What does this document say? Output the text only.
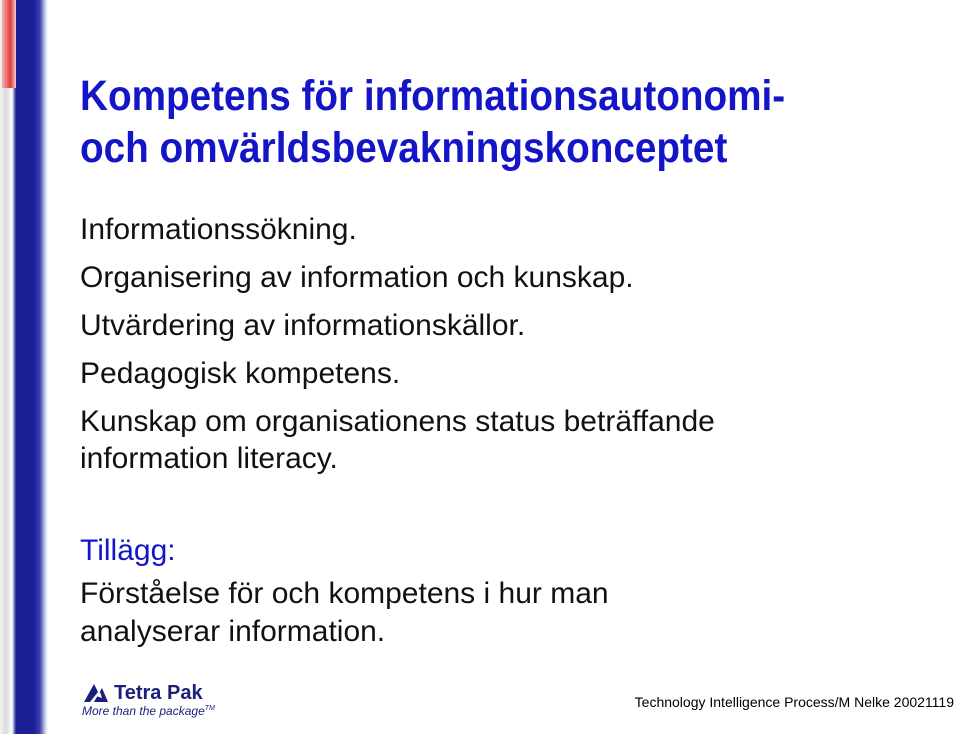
Kompetens för informationsautonomi-
och omvärldsbevakningskonceptet
Informationssökning.
Organisering av information och kunskap.
Utvärdering av informationskällor.
Pedagogisk kompetens.
Kunskap om organisationens status beträffande
information literacy.
Tillägg:
Förståelse för och kompetens i hur man
analyserar information.
Tetra Pak
More than the package™	Technology Intelligence Process/M Nelke 20021119
